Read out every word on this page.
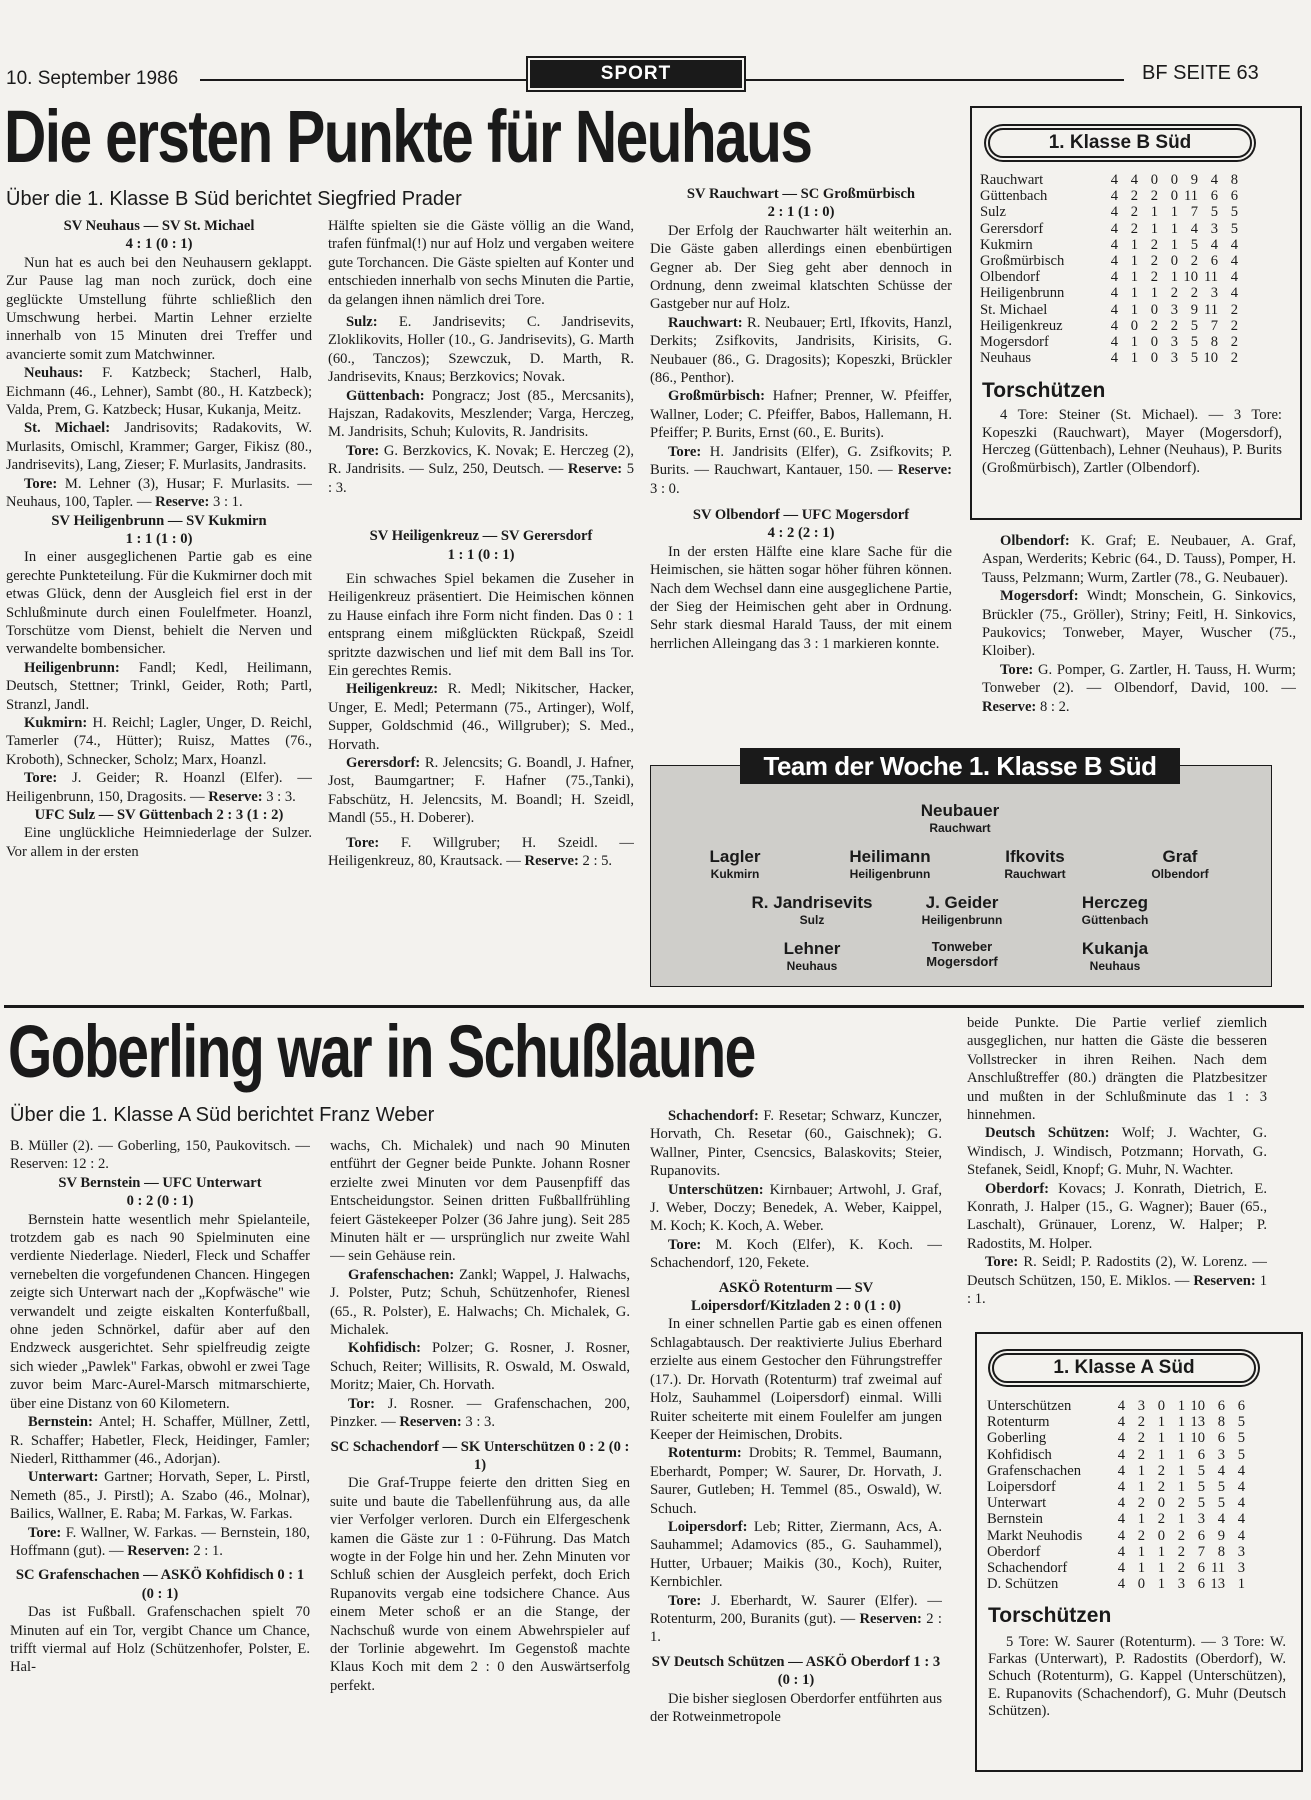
10. September 1986	SPORT	BF SEITE 63
Die ersten Punkte für Neuhaus
Über die 1. Klasse B Süd berichtet Siegfried Prader

SV Neuhaus — SV St. Michael

4 : 1 (0 : 1)

Nun hat es auch bei den Neuhausern geklappt. Zur Pause lag man noch zurück, doch eine geglückte Umstellung führte schließlich den Umschwung herbei. Martin Lehner erzielte innerhalb von 15 Minuten drei Treffer und avancierte somit zum Matchwinner.

Neuhaus: F. Katzbeck; Stacherl, Halb, Eichmann (46., Lehner), Sambt (80., H. Katzbeck); Valda, Prem, G. Katzbeck; Husar, Kukanja, Meitz.

St. Michael: Jandrisovits; Radakovits, W. Murlasits, Omischl, Krammer; Garger, Fikisz (80., Jandrisevits), Lang, Zieser; F. Murlasits, Jandrasits.

Tore: M. Lehner (3), Husar; F. Murlasits. — Neuhaus, 100, Tapler. — Reserve: 3 : 1.

SV Heiligenbrunn — SV Kukmirn

1 : 1 (1 : 0)

In einer ausgeglichenen Partie gab es eine gerechte Punkteteilung. Für die Kukmirner doch mit etwas Glück, denn der Ausgleich fiel erst in der Schlußminute durch einen Foulelfmeter. Hoanzl, Torschütze vom Dienst, behielt die Nerven und verwandelte bombensicher.

Heiligenbrunn: Fandl; Kedl, Heilimann, Deutsch, Stettner; Trinkl, Geider, Roth; Partl, Stranzl, Jandl.

Kukmirn: H. Reichl; Lagler, Unger, D. Reichl, Tamerler (74., Hütter); Ruisz, Mattes (76., Kroboth), Schnecker, Scholz; Marx, Hoanzl.

Tore: J. Geider; R. Hoanzl (Elfer). — Heiligenbrunn, 150, Dragosits. — Reserve: 3 : 3.

UFC Sulz — SV Güttenbach 2 : 3 (1 : 2)

Eine unglückliche Heimniederlage der Sulzer. Vor allem in der ersten

Hälfte spielten sie die Gäste völlig an die Wand, trafen fünfmal(!) nur auf Holz und vergaben weitere gute Torchancen. Die Gäste spielten auf Konter und entschieden innerhalb von sechs Minuten die Partie, da gelangen ihnen nämlich drei Tore.

Sulz: E. Jandrisevits; C. Jandrisevits, Zloklikovits, Holler (10., G. Jandrisevits), G. Marth (60., Tanczos); Szewczuk, D. Marth, R. Jandrisevits, Knaus; Berzkovics; Novak.

Güttenbach: Pongracz; Jost (85., Mercsanits), Hajszan, Radakovits, Meszlender; Varga, Herczeg, M. Jandrisits, Schuh; Kulovits, R. Jandrisits.

Tore: G. Berzkovics, K. Novak; E. Herczeg (2), R. Jandrisits. — Sulz, 250, Deutsch. — Reserve: 5 : 3.

SV Heiligenkreuz — SV Gerersdorf

1 : 1 (0 : 1)

Ein schwaches Spiel bekamen die Zuseher in Heiligenkreuz präsentiert. Die Heimischen können zu Hause einfach ihre Form nicht finden. Das 0 : 1 entsprang einem mißglückten Rückpaß, Szeidl spritzte dazwischen und lief mit dem Ball ins Tor. Ein gerechtes Remis.

Heiligenkreuz: R. Medl; Nikitscher, Hacker, Unger, E. Medl; Petermann (75., Artinger), Wolf, Supper, Goldschmid (46., Willgruber); S. Med., Horvath.

Gerersdorf: R. Jelencsits; G. Boandl, J. Hafner, Jost, Baumgartner; F. Hafner (75.,Tanki), Fabschütz, H. Jelencsits, M. Boandl; H. Szeidl, Mandl (55., H. Doberer).

Tore: F. Willgruber; H. Szeidl. — Heiligenkreuz, 80, Krautsack. — Reserve: 2 : 5.

SV Rauchwart — SC Großmürbisch

2 : 1 (1 : 0)

Der Erfolg der Rauchwarter hält weiterhin an. Die Gäste gaben allerdings einen ebenbürtigen Gegner ab. Der Sieg geht aber dennoch in Ordnung, denn zweimal klatschten Schüsse der Gastgeber nur auf Holz.

Rauchwart: R. Neubauer; Ertl, Ifkovits, Hanzl, Derkits; Zsifkovits, Jandrisits, Kirisits, G. Neubauer (86., G. Dragosits); Kopeszki, Brückler (86., Penthor).

Großmürbisch: Hafner; Prenner, W. Pfeiffer, Wallner, Loder; C. Pfeiffer, Babos, Hallemann, H. Pfeiffer; P. Burits, Ernst (60., E. Burits).

Tore: H. Jandrisits (Elfer), G. Zsifkovits; P. Burits. — Rauchwart, Kantauer, 150. — Reserve: 3 : 0.

SV Olbendorf — UFC Mogersdorf

4 : 2 (2 : 1)

In der ersten Hälfte eine klare Sache für die Heimischen, sie hätten sogar höher führen können. Nach dem Wechsel dann eine ausgeglichene Partie, der Sieg der Heimischen geht aber in Ordnung. Sehr stark diesmal Harald Tauss, der mit einem herrlichen Alleingang das 3 : 1 markieren konnte.

1. Klasse B Süd
Rauchwart	4	4	0	0	9	4	8
Güttenbach	4	2	2	0	11	6	6
Sulz	4	2	1	1	7	5	5
Gerersdorf	4	2	1	1	4	3	5
Kukmirn	4	1	2	1	5	4	4
Großmürbisch	4	1	2	0	2	6	4
Olbendorf	4	1	2	1	10	11	4
Heiligenbrunn	4	1	1	2	2	3	4
St. Michael	4	1	0	3	9	11	2
Heiligenkreuz	4	0	2	2	5	7	2
Mogersdorf	4	1	0	3	5	8	2
Neuhaus	4	1	0	3	5	10	2
Torschützen
4 Tore: Steiner (St. Michael). — 3 Tore: Kopeszki (Rauchwart), Mayer (Mogersdorf), Herczeg (Güttenbach), Lehner (Neuhaus), P. Burits (Großmürbisch), Zartler (Olbendorf).

Olbendorf: K. Graf; E. Neubauer, A. Graf, Aspan, Werderits; Kebric (64., D. Tauss), Pomper, H. Tauss, Pelzmann; Wurm, Zartler (78., G. Neubauer).

Mogersdorf: Windt; Monschein, G. Sinkovics, Brückler (75., Gröller), Striny; Feitl, H. Sinkovics, Paukovics; Tonweber, Mayer, Wuscher (75., Kloiber).

Tore: G. Pomper, G. Zartler, H. Tauss, H. Wurm; Tonweber (2). — Olbendorf, David, 100. — Reserve: 8 : 2.

Team der Woche 1. Klasse B Süd
Neubauer
Rauchwart
Lagler
Kukmirn
Heilimann
Heiligenbrunn
Ifkovits
Rauchwart
Graf
Olbendorf
R. Jandrisevits
Sulz
J. Geider
Heiligenbrunn
Herczeg
Güttenbach
Lehner
Neuhaus
Tonweber
Mogersdorf
Kukanja
Neuhaus
Goberling war in Schußlaune
Über die 1. Klasse A Süd berichtet Franz Weber

B. Müller (2). — Goberling, 150, Paukovitsch. — Reserven: 12 : 2.

SV Bernstein — UFC Unterwart

0 : 2 (0 : 1)

Bernstein hatte wesentlich mehr Spielanteile, trotzdem gab es nach 90 Spielminuten eine verdiente Niederlage. Niederl, Fleck und Schaffer vernebelten die vorgefundenen Chancen. Hingegen zeigte sich Unterwart nach der „Kopfwäsche" wie verwandelt und zeigte eiskalten Konterfußball, ohne jeden Schnörkel, dafür aber auf den Endzweck ausgerichtet. Sehr spielfreudig zeigte sich wieder „Pawlek" Farkas, obwohl er zwei Tage zuvor beim Marc-Aurel-Marsch mitmarschierte, über eine Distanz von 60 Kilometern.

Bernstein: Antel; H. Schaffer, Müllner, Zettl, R. Schaffer; Habetler, Fleck, Heidinger, Famler; Niederl, Ritthammer (46., Adorjan).

Unterwart: Gartner; Horvath, Seper, L. Pirstl, Nemeth (85., J. Pirstl); A. Szabo (46., Molnar), Bailics, Wallner, E. Raba; M. Farkas, W. Farkas.

Tore: F. Wallner, W. Farkas. — Bernstein, 180, Hoffmann (gut). — Reserven: 2 : 1.

SC Grafenschachen — ASKÖ Kohfidisch 0 : 1 (0 : 1)

Das ist Fußball. Grafenschachen spielt 70 Minuten auf ein Tor, vergibt Chance um Chance, trifft viermal auf Holz (Schützenhofer, Polster, E. Hal-

wachs, Ch. Michalek) und nach 90 Minuten entführt der Gegner beide Punkte. Johann Rosner erzielte zwei Minuten vor dem Pausenpfiff das Entscheidungstor. Seinen dritten Fußballfrühling feiert Gästekeeper Polzer (36 Jahre jung). Seit 285 Minuten hält er — ursprünglich nur zweite Wahl — sein Gehäuse rein.

Grafenschachen: Zankl; Wappel, J. Halwachs, J. Polster, Putz; Schuh, Schützenhofer, Rienesl (65., R. Polster), E. Halwachs; Ch. Michalek, G. Michalek.

Kohfidisch: Polzer; G. Rosner, J. Rosner, Schuch, Reiter; Willisits, R. Oswald, M. Oswald, Moritz; Maier, Ch. Horvath.

Tor: J. Rosner. — Grafenschachen, 200, Pinzker. — Reserven: 3 : 3.

SC Schachendorf — SK Unterschützen 0 : 2 (0 : 1)

Die Graf-Truppe feierte den dritten Sieg en suite und baute die Tabellenführung aus, da alle vier Verfolger verloren. Durch ein Elfergeschenk kamen die Gäste zur 1 : 0-Führung. Das Match wogte in der Folge hin und her. Zehn Minuten vor Schluß schien der Ausgleich perfekt, doch Erich Rupanovits vergab eine todsichere Chance. Aus einem Meter schoß er an die Stange, der Nachschuß wurde von einem Abwehrspieler auf der Torlinie abgewehrt. Im Gegenstoß machte Klaus Koch mit dem 2 : 0 den Auswärtserfolg perfekt.

Schachendorf: F. Resetar; Schwarz, Kunczer, Horvath, Ch. Resetar (60., Gaischnek); G. Wallner, Pinter, Csencsics, Balaskovits; Steier, Rupanovits.

Unterschützen: Kirnbauer; Artwohl, J. Graf, J. Weber, Doczy; Benedek, A. Weber, Kaippel, M. Koch; K. Koch, A. Weber.

Tore: M. Koch (Elfer), K. Koch. — Schachendorf, 120, Fekete.

ASKÖ Rotenturm — SV Loipersdorf/Kitzladen 2 : 0 (1 : 0)

In einer schnellen Partie gab es einen offenen Schlagabtausch. Der reaktivierte Julius Eberhard erzielte aus einem Gestocher den Führungstreffer (17.). Dr. Horvath (Rotenturm) traf zweimal auf Holz, Sauhammel (Loipersdorf) einmal. Willi Ruiter scheiterte mit einem Foulelfer am jungen Keeper der Heimischen, Drobits.

Rotenturm: Drobits; R. Temmel, Baumann, Eberhardt, Pomper; W. Saurer, Dr. Horvath, J. Saurer, Gutleben; H. Temmel (85., Oswald), W. Schuch.

Loipersdorf: Leb; Ritter, Ziermann, Acs, A. Sauhammel; Adamovics (85., G. Sauhammel), Hutter, Urbauer; Maikis (30., Koch), Ruiter, Kernbichler.

Tore: J. Eberhardt, W. Saurer (Elfer). — Rotenturm, 200, Buranits (gut). — Reserven: 2 : 1.

SV Deutsch Schützen — ASKÖ Oberdorf 1 : 3 (0 : 1)

Die bisher sieglosen Oberdorfer entführten aus der Rotweinmetropole

beide Punkte. Die Partie verlief ziemlich ausgeglichen, nur hatten die Gäste die besseren Vollstrecker in ihren Reihen. Nach dem Anschlußtreffer (80.) drängten die Platzbesitzer und mußten in der Schlußminute das 1 : 3 hinnehmen.

Deutsch Schützen: Wolf; J. Wachter, G. Windisch, J. Windisch, Potzmann; Horvath, G. Stefanek, Seidl, Knopf; G. Muhr, N. Wachter.

Oberdorf: Kovacs; J. Konrath, Dietrich, E. Konrath, J. Halper (15., G. Wagner); Bauer (65., Laschalt), Grünauer, Lorenz, W. Halper; P. Radostits, M. Holper.

Tore: R. Seidl; P. Radostits (2), W. Lorenz. — Deutsch Schützen, 150, E. Miklos. — Reserven: 1 : 1.

1. Klasse A Süd
Unterschützen	4	3	0	1	10	6	6
Rotenturm	4	2	1	1	13	8	5
Goberling	4	2	1	1	10	6	5
Kohfidisch	4	2	1	1	6	3	5
Grafenschachen	4	1	2	1	5	4	4
Loipersdorf	4	1	2	1	5	5	4
Unterwart	4	2	0	2	5	5	4
Bernstein	4	1	2	1	3	4	4
Markt Neuhodis	4	2	0	2	6	9	4
Oberdorf	4	1	1	2	7	8	3
Schachendorf	4	1	1	2	6	11	3
D. Schützen	4	0	1	3	6	13	1
Torschützen
5 Tore: W. Saurer (Rotenturm). — 3 Tore: W. Farkas (Unterwart), P. Radostits (Oberdorf), W. Schuch (Rotenturm), G. Kappel (Unterschützen), E. Rupanovits (Schachendorf), G. Muhr (Deutsch Schützen).
